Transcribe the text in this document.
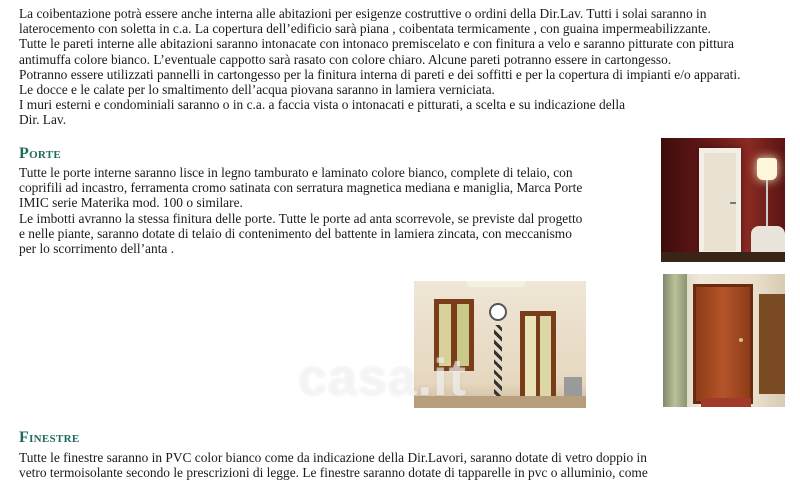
La coibentazione potrà essere anche interna alle abitazioni per esigenze costruttive o ordini della Dir.Lav. Tutti i solai saranno in
laterocemento con soletta in c.a. La copertura dell’edificio sarà piana , coibentata termicamente , con guaina impermeabilizzante.
Tutte le pareti interne alle abitazioni saranno intonacate con intonaco premiscelato e con finitura a velo e saranno pitturate con pittura
antimuffa colore bianco. L’eventuale cappotto sarà rasato con colore chiaro. Alcune pareti potranno essere in cartongesso.
Potranno essere utilizzati pannelli in cartongesso per la finitura interna di pareti e dei soffitti e per la copertura di impianti e/o apparati.
Le docce e le calate per lo smaltimento dell’acqua piovana saranno in lamiera verniciata.
I muri esterni e condominiali saranno o in c.a. a faccia vista o intonacati e pitturati, a scelta e su indicazione della
Dir. Lav.
Porte
Tutte le porte interne saranno lisce in legno tamburato e laminato colore bianco, complete di telaio, con
coprifili ad incastro, ferramenta cromo satinata con serratura magnetica mediana e maniglia, Marca Porte
IMIC serie Materika mod. 100 o similare.
Le imbotti avranno la stessa finitura delle porte. Tutte le porte ad anta scorrevole, se previste dal progetto
e nelle piante, saranno dotate di telaio di contenimento del battente in lamiera zincata, con meccanismo
per lo scorrimento dell’anta .
casa.it
Finestre
Tutte le finestre saranno in PVC color bianco come da indicazione della Dir.Lavori, saranno dotate di vetro doppio in
vetro termoisolante secondo le prescrizioni di legge. Le finestre saranno dotate di tapparelle in pvc o alluminio, come
